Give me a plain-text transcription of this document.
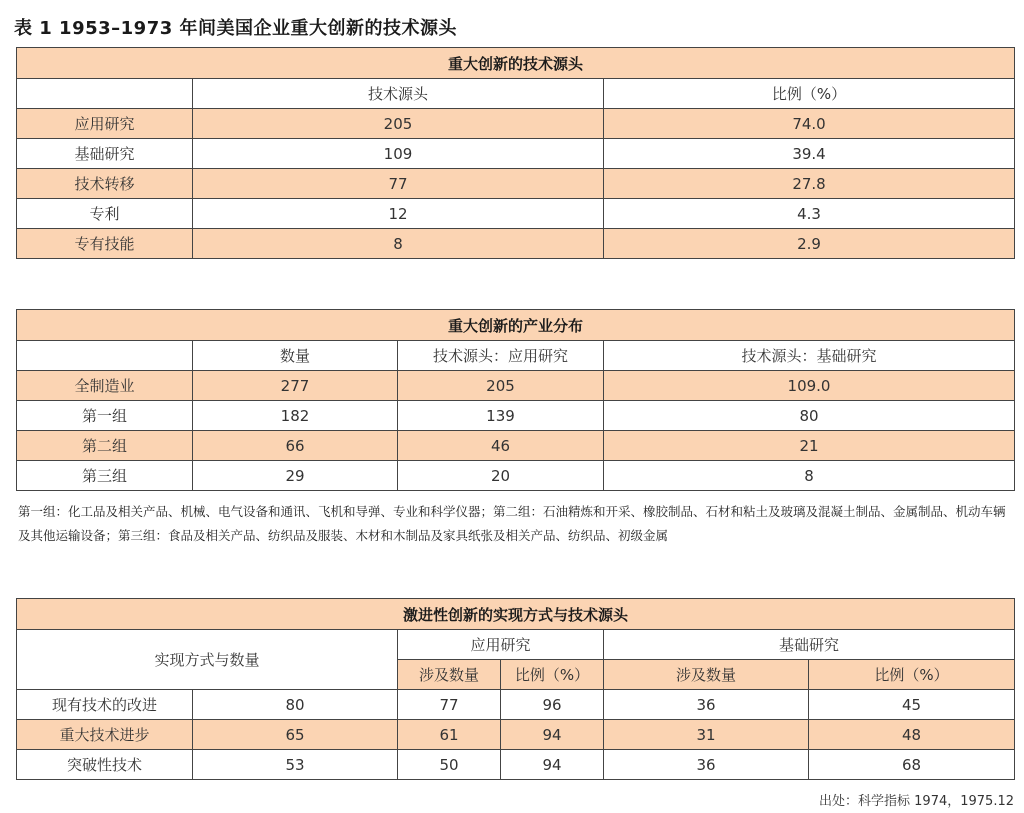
表 1 1953–1973 年间美国企业重大创新的技术源头
重大创新的技术源头		
	技术源头	比例（%）
应用研究	205	74.0
基础研究	109	39.4
技术转移	77	27.8
专利	12	4.3
专有技能	8	2.9
重大创新的产业分布			
	数量	技术源头：应用研究	技术源头：基础研究
全制造业	277	205	109.0
第一组	182	139	80
第二组	66	46	21
第三组	29	20	8
第一组：化工品及相关产品、机械、电气设备和通讯、飞机和导弹、专业和科学仪器；第二组：石油精炼和开采、橡胶制品、石材和粘土及玻璃及混凝土制品、金属制品、机动车辆及其他运输设备；第三组：食品及相关产品、纺织品及服装、木材和木制品及家具纸张及相关产品、纺织品、初级金属
激进性创新的实现方式与技术源头					
实现方式与数量		应用研究		基础研究	
		涉及数量	比例（%）	涉及数量	比例（%）
现有技术的改进	80	77	96	36	45
重大技术进步	65	61	94	31	48
突破性技术	53	50	94	36	68
出处：科学指标 1974，1975.12
